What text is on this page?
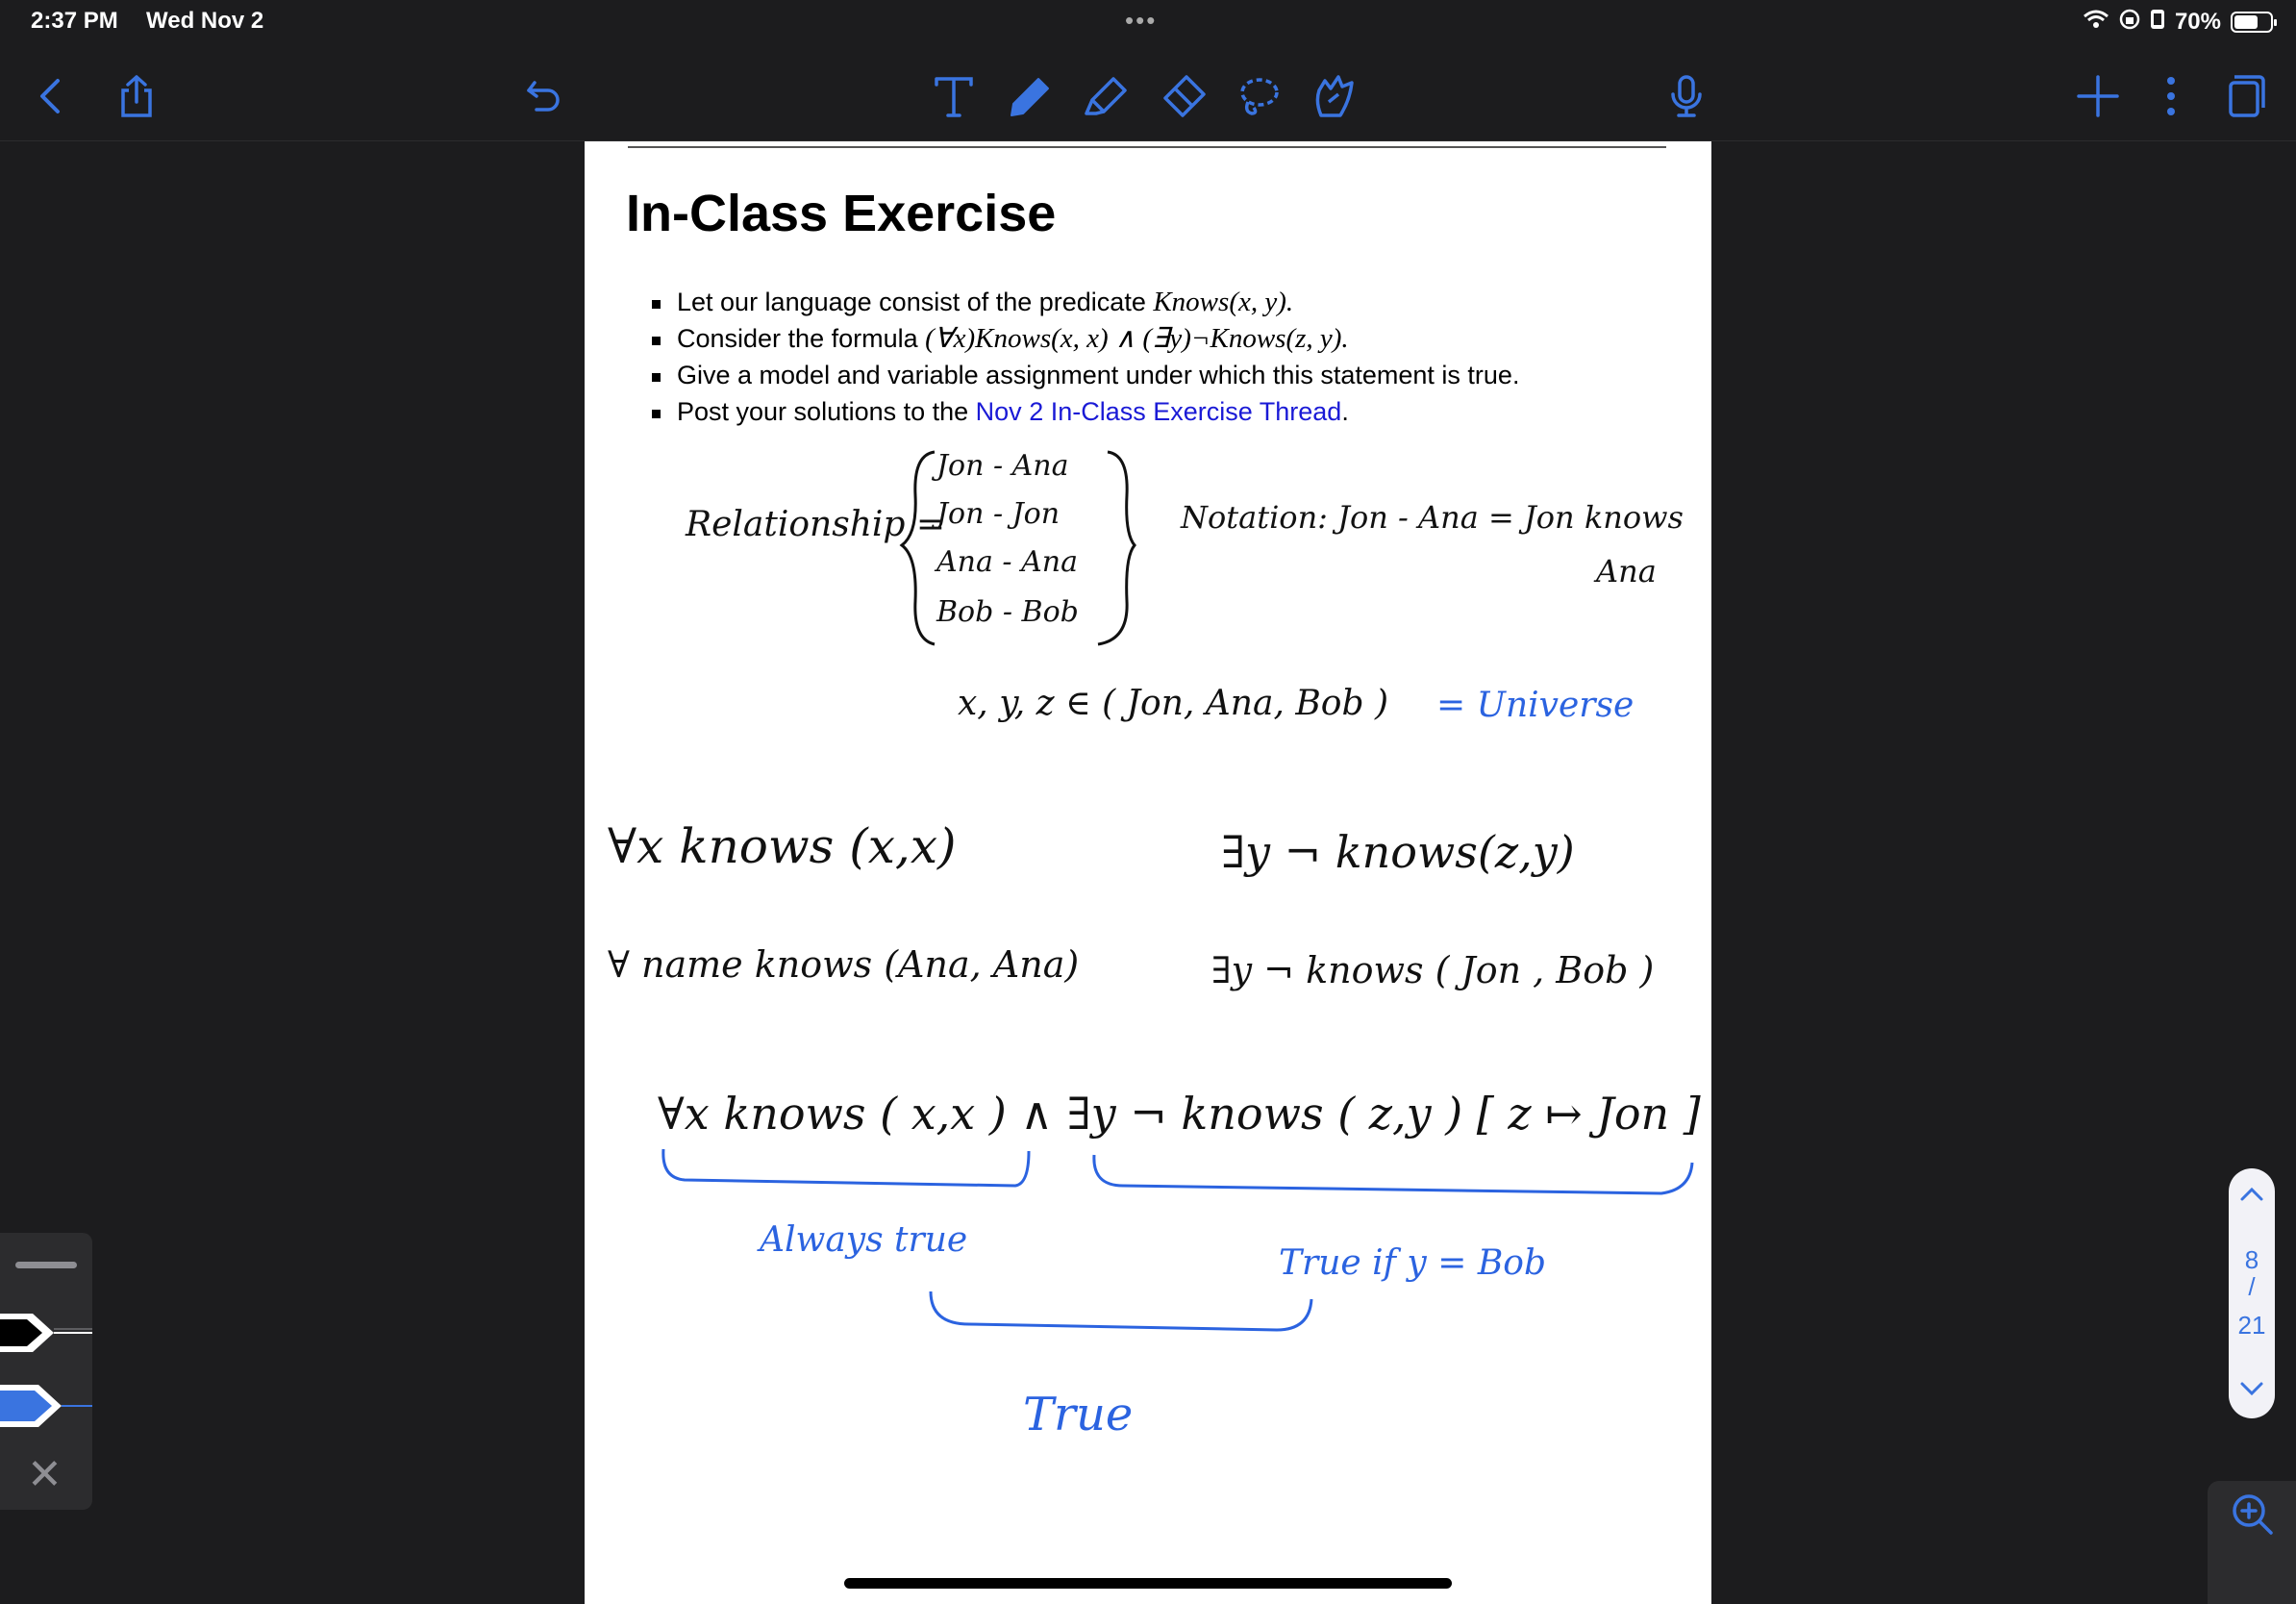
2:37 PM Wed Nov 2	•••	70%
In-Class Exercise
Let our language consist of the predicate Knows(x, y).
Consider the formula (∀x)Knows(x, x) ∧ (∃y)¬Knows(z, y).
Give a model and variable assignment under which this statement is true.
Post your solutions to the Nov 2 In-Class Exercise Thread.
Relationship =
Jon - Ana
Jon - Jon
Ana - Ana
Bob - Bob
Notation: Jon - Ana = Jon knows
Ana
x, y, z ∈ ( Jon, Ana, Bob ) = Universe
∀x knows (x,x)	∃y ¬ knows(z,y)
∀ name knows (Ana, Ana)	∃y ¬ knows ( Jon , Bob )
∀x knows ( x,x ) ∧ ∃y ¬ knows ( z,y ) [ z ↦ Jon ]
Always true
True if y = Bob
True
✕
8
/
21
